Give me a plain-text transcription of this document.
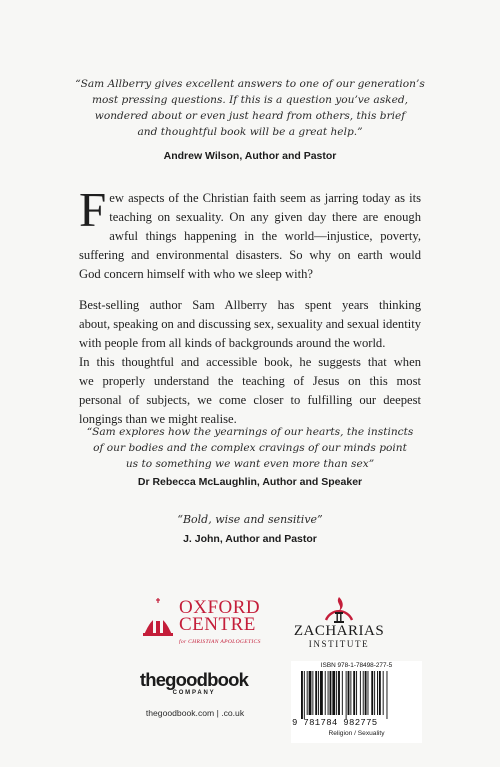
“Sam Allberry gives excellent answers to one of our generation’s
most pressing questions. If this is a question you’ve asked,
wondered about or even just heard from others, this brief
and thoughtful book will be a great help.”
Andrew Wilson, Author and Pastor
F ew aspects of the Christian faith seem as jarring today as its
teaching on sexuality. On any given day there are enough
awful things happening in the world—injustice, poverty,
suffering and environmental disasters. So why on earth would
God concern himself with who we sleep with?
Best-selling author Sam Allberry has spent years thinking
about, speaking on and discussing sex, sexuality and sexual identity
with people from all kinds of backgrounds around the world.
In this thoughtful and accessible book, he suggests that when
we properly understand the teaching of Jesus on this most
personal of subjects, we come closer to fulfilling our deepest
longings than we might realise.
“Sam explores how the yearnings of our hearts, the instincts
of our bodies and the complex cravings of our minds point
us to something we want even more than sex”
Dr Rebecca McLaughlin, Author and Speaker
“Bold, wise and sensitive”
J. John, Author and Pastor
OXFORD
CENTRE
for CHRISTIAN APOLOGETICS
ZACHARIAS
INSTITUTE
thegoodbook
COMPANY
thegoodbook.com | .co.uk
ISBN 978-1-78498-277-5
9 781784 982775
Religion / Sexuality
